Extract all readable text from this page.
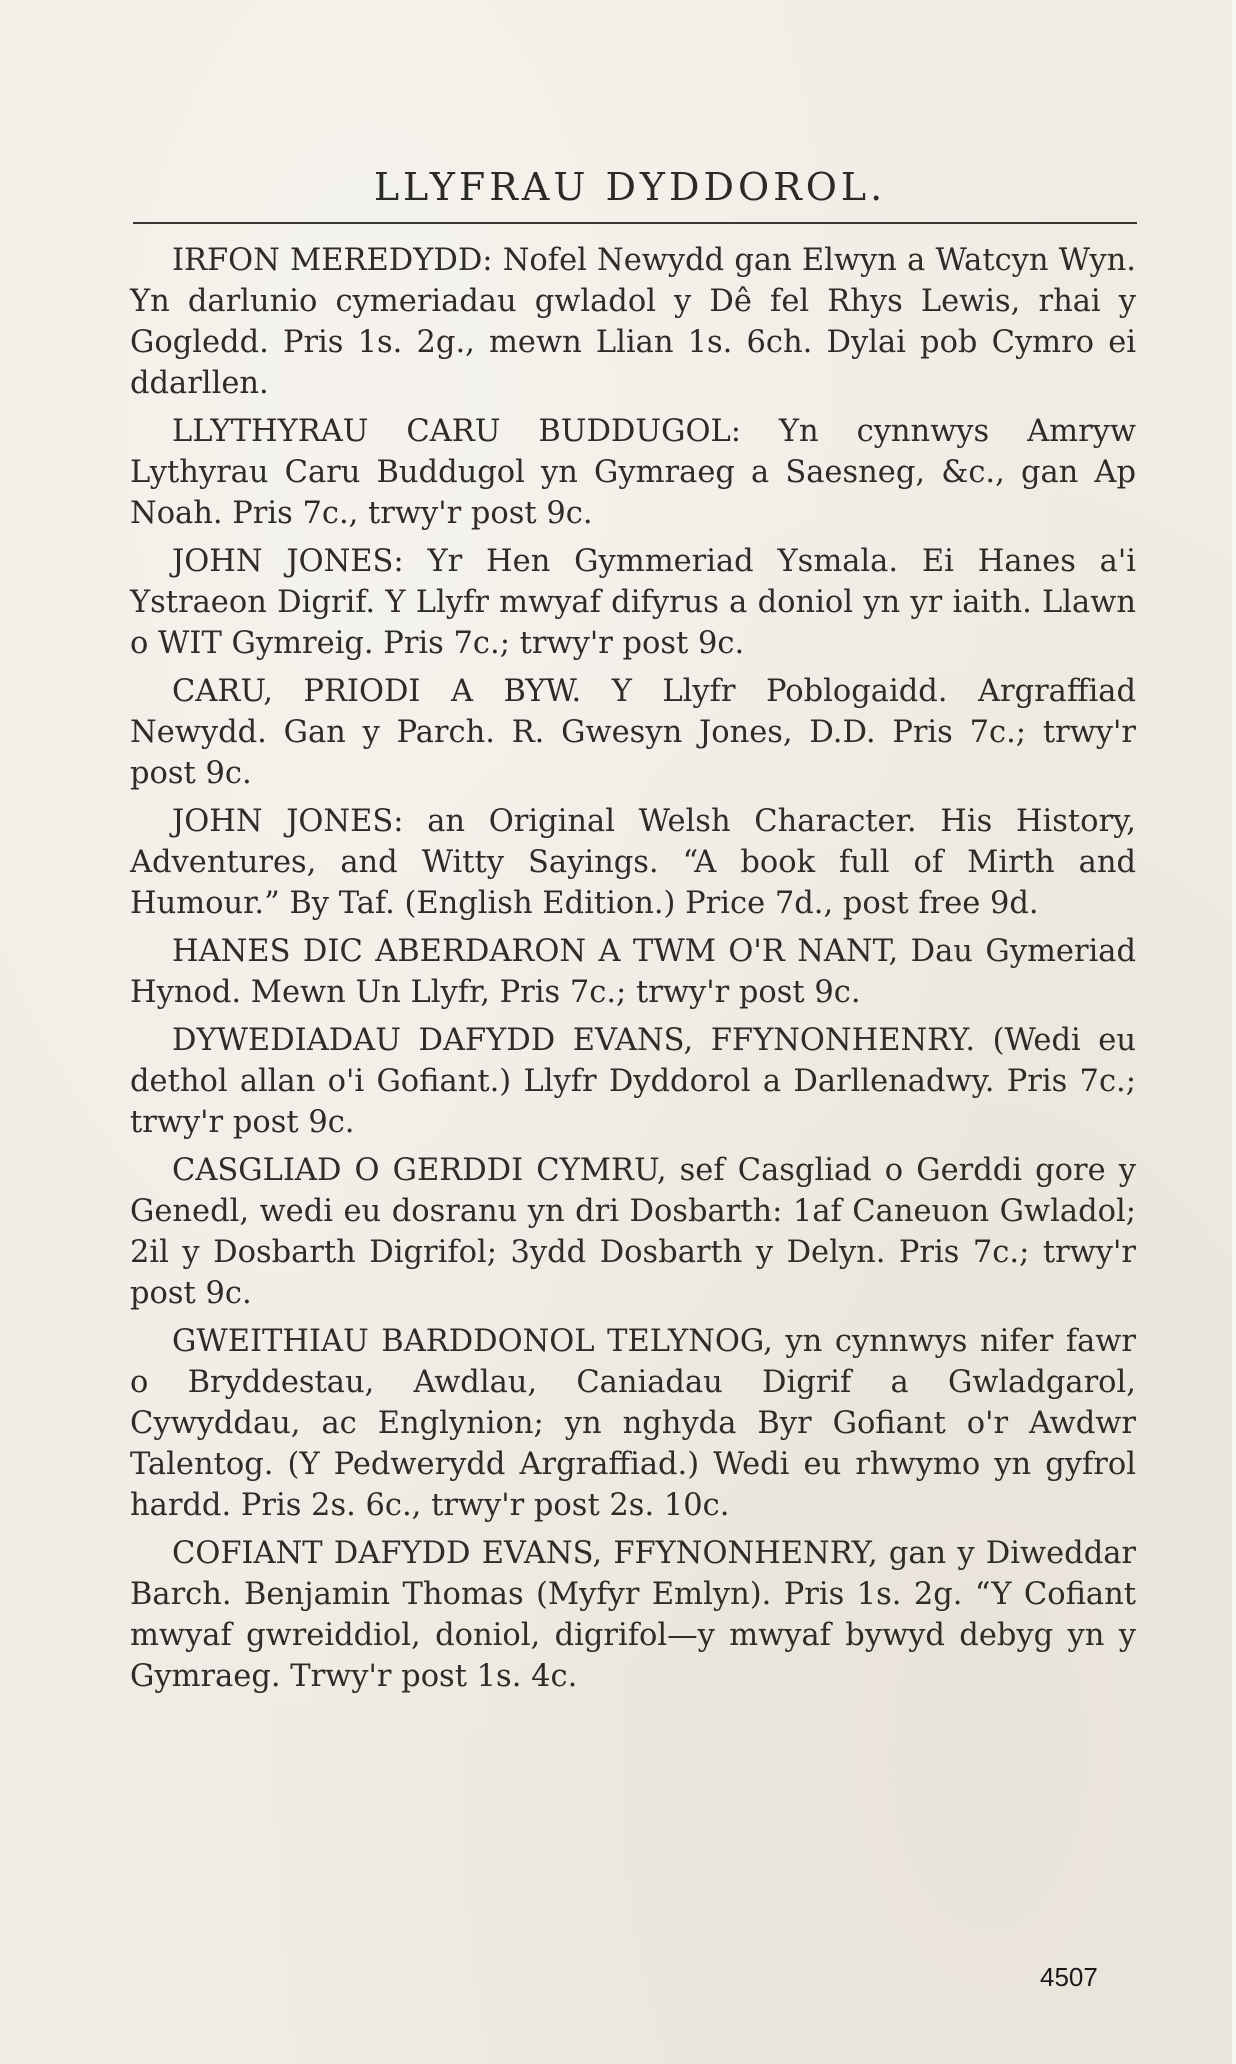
LLYFRAU DYDDOROL.

IRFON MEREDYDD: Nofel Newydd gan Elwyn a Watcyn Wyn. Yn darlunio cymeriadau gwladol y Dê fel Rhys Lewis, rhai y Gogledd. Pris 1s. 2g., mewn Llian 1s. 6ch. Dylai pob Cymro ei ddarllen.

LLYTHYRAU CARU BUDDUGOL: Yn cynnwys Amryw Lythyrau Caru Buddugol yn Gymraeg a Saesneg, &c., gan Ap Noah. Pris 7c., trwy'r post 9c.

JOHN JONES: Yr Hen Gymmeriad Ysmala. Ei Hanes a'i Ystraeon Digrif. Y Llyfr mwyaf difyrus a doniol yn yr iaith. Llawn o WIT Gymreig. Pris 7c.; trwy'r post 9c.

CARU, PRIODI A BYW. Y Llyfr Poblogaidd. Argraffiad Newydd. Gan y Parch. R. Gwesyn Jones, D.D. Pris 7c.; trwy'r post 9c.

JOHN JONES: an Original Welsh Character. His History, Adventures, and Witty Sayings. “A book full of Mirth and Humour.” By Taf. (English Edition.) Price 7d., post free 9d.

HANES DIC ABERDARON A TWM O'R NANT, Dau Gymeriad Hynod. Mewn Un Llyfr, Pris 7c.; trwy'r post 9c.

DYWEDIADAU DAFYDD EVANS, FFYNONHENRY. (Wedi eu dethol allan o'i Gofiant.) Llyfr Dyddorol a Darllenadwy. Pris 7c.; trwy'r post 9c.

CASGLIAD O GERDDI CYMRU, sef Casgliad o Gerddi gore y Genedl, wedi eu dosranu yn dri Dosbarth: 1af Caneuon Gwladol; 2il y Dosbarth Digrifol; 3ydd Dosbarth y Delyn. Pris 7c.; trwy'r post 9c.

GWEITHIAU BARDDONOL TELYNOG, yn cynnwys nifer fawr o Bryddestau, Awdlau, Caniadau Digrif a Gwladgarol, Cywyddau, ac Englynion; yn nghyda Byr Gofiant o'r Awdwr Talentog. (Y Pedwerydd Argraffiad.) Wedi eu rhwymo yn gyfrol hardd. Pris 2s. 6c., trwy'r post 2s. 10c.

COFIANT DAFYDD EVANS, FFYNONHENRY, gan y Diweddar Barch. Benjamin Thomas (Myfyr Emlyn). Pris 1s. 2g. “Y Cofiant mwyaf gwreiddiol, doniol, digrifol—y mwyaf bywyd debyg yn y Gymraeg. Trwy'r post 1s. 4c.

4507
